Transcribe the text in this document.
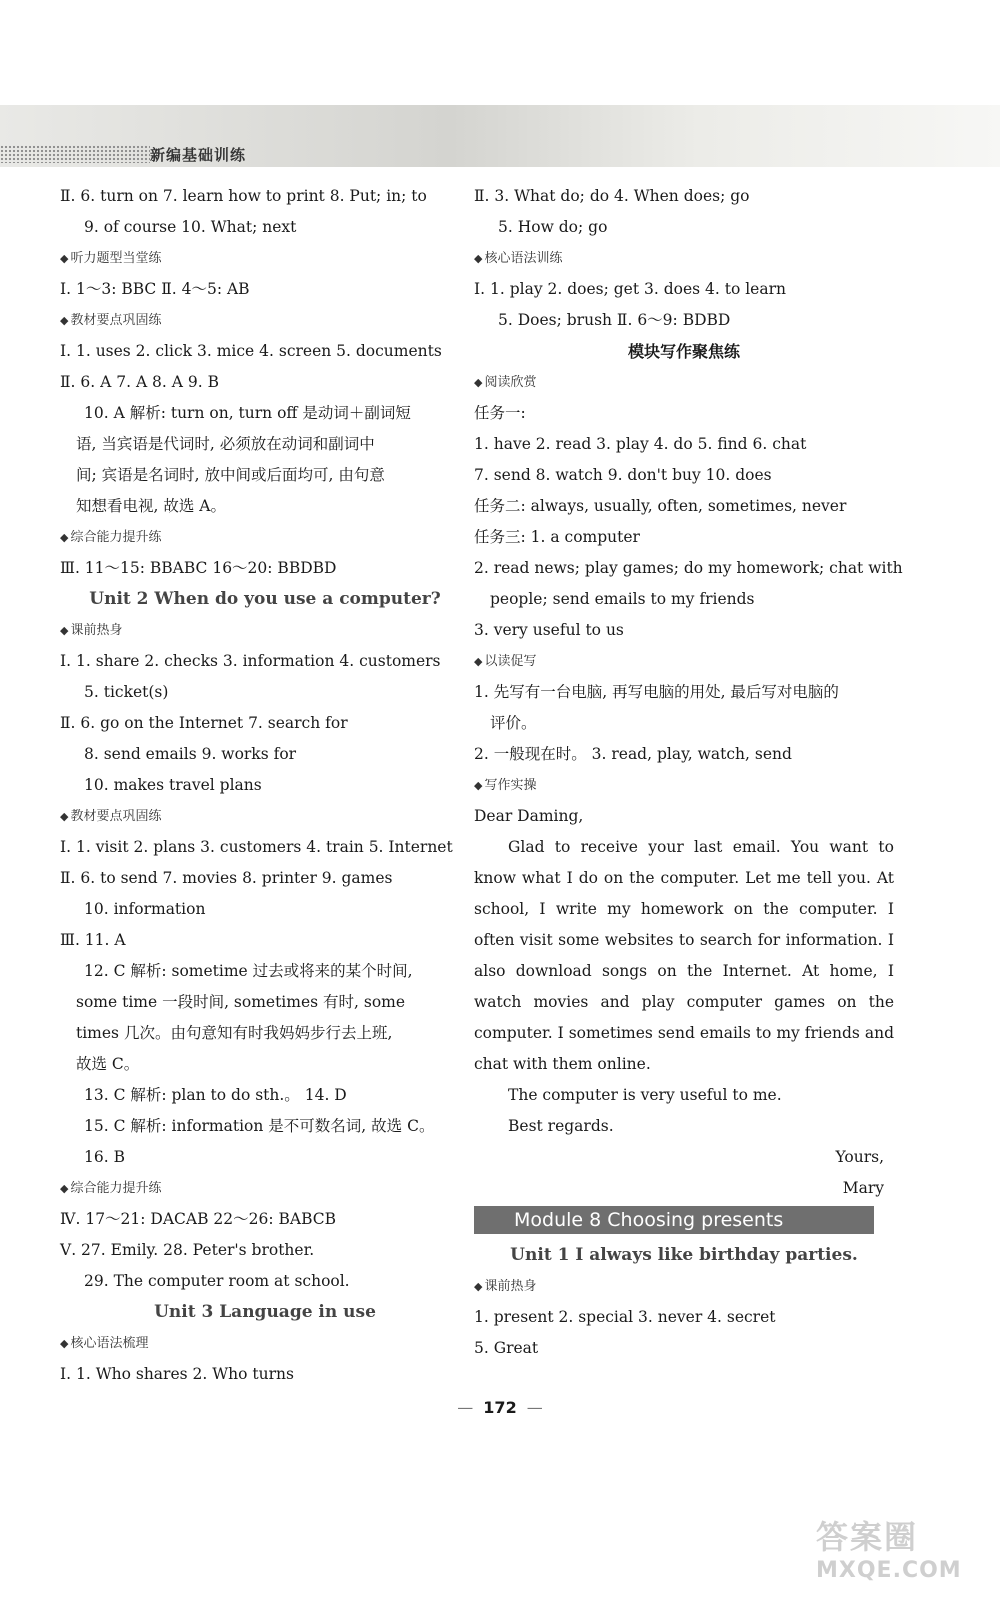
新编基础训练
Ⅱ. 6. turn on 7. learn how to print 8. Put; in; to
9. of course 10. What; next
◆ 听力题型当堂练
Ⅰ. 1～3: BBC Ⅱ. 4～5: AB
◆ 教材要点巩固练
Ⅰ. 1. uses 2. click 3. mice 4. screen 5. documents
Ⅱ. 6. A 7. A 8. A 9. B
10. A 解析: turn on, turn off 是动词＋副词短
语, 当宾语是代词时, 必须放在动词和副词中
间; 宾语是名词时, 放中间或后面均可, 由句意
知想看电视, 故选 A。
◆ 综合能力提升练
Ⅲ. 11～15: BBABC 16～20: BBDBD
Unit 2 When do you use a computer?
◆ 课前热身
Ⅰ. 1. share 2. checks 3. information 4. customers
5. ticket(s)
Ⅱ. 6. go on the Internet 7. search for
8. send emails 9. works for
10. makes travel plans
◆ 教材要点巩固练
Ⅰ. 1. visit 2. plans 3. customers 4. train 5. Internet
Ⅱ. 6. to send 7. movies 8. printer 9. games
10. information
Ⅲ. 11. A
12. C 解析: sometime 过去或将来的某个时间,
some time 一段时间, sometimes 有时, some
times 几次。由句意知有时我妈妈步行去上班,
故选 C。
13. C 解析: plan to do sth.。 14. D
15. C 解析: information 是不可数名词, 故选 C。
16. B
◆ 综合能力提升练
Ⅳ. 17～21: DACAB 22～26: BABCB
Ⅴ. 27. Emily. 28. Peter's brother.
29. The computer room at school.
Unit 3 Language in use
◆ 核心语法梳理
Ⅰ. 1. Who shares 2. Who turns
Ⅱ. 3. What do; do 4. When does; go
5. How do; go
◆ 核心语法训练
Ⅰ. 1. play 2. does; get 3. does 4. to learn
5. Does; brush Ⅱ. 6～9: BDBD
模块写作聚焦练
◆ 阅读欣赏
任务一:
1. have 2. read 3. play 4. do 5. find 6. chat
7. send 8. watch 9. don't buy 10. does
任务二: always, usually, often, sometimes, never
任务三: 1. a computer
2. read news; play games; do my homework; chat with
people; send emails to my friends
3. very useful to us
◆ 以读促写
1. 先写有一台电脑, 再写电脑的用处, 最后写对电脑的
评价。
2. 一般现在时。 3. read, play, watch, send
◆ 写作实操
Dear Daming,

Glad to receive your last email. You want to know what I do on the computer. Let me tell you. At school, I write my homework on the computer. I often visit some websites to search for information. I also download songs on the Internet. At home, I watch movies and play computer games on the computer. I sometimes send emails to my friends and chat with them online.

The computer is very useful to me.

Best regards.

Yours,
Mary
Module 8 Choosing presents
Unit 1 I always like birthday parties.
◆ 课前热身
1. present 2. special 3. never 4. secret
5. Great
— 172 —
答案圈
MXQE.COM
